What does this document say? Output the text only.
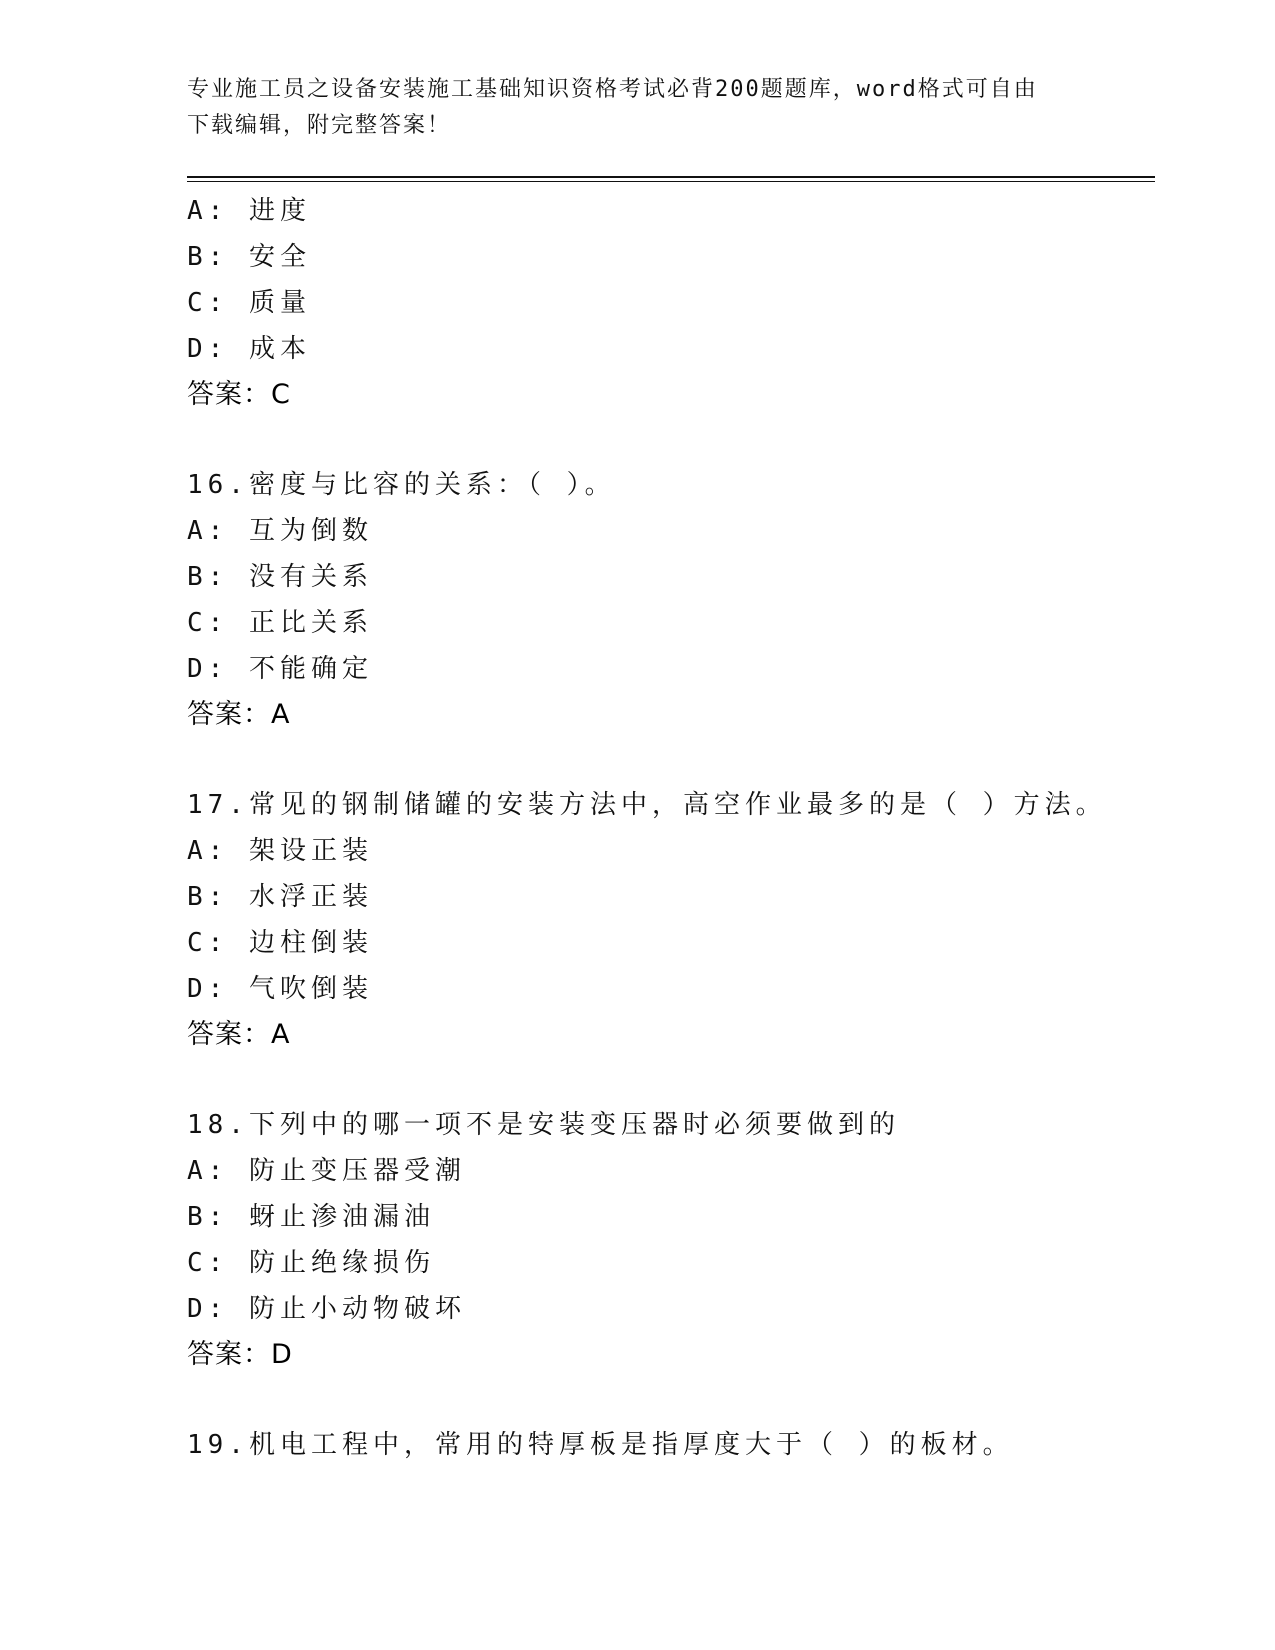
专业施工员之设备安装施工基础知识资格考试必背200题题库，word格式可自由
下载编辑，附完整答案！
A: 进度
B: 安全
C: 质量
D: 成本
答案：C
16.密度与比容的关系：（ ）。
A: 互为倒数
B: 没有关系
C: 正比关系
D: 不能确定
答案：A
17.常见的钢制储罐的安装方法中，高空作业最多的是（ ）方法。
A: 架设正装
B: 水浮正装
C: 边柱倒装
D: 气吹倒装
答案：A
18.下列中的哪一项不是安装变压器时必须要做到的
A: 防止变压器受潮
B: 蚜止渗油漏油
C: 防止绝缘损伤
D: 防止小动物破坏
答案：D
19.机电工程中，常用的特厚板是指厚度大于（ ）的板材。
